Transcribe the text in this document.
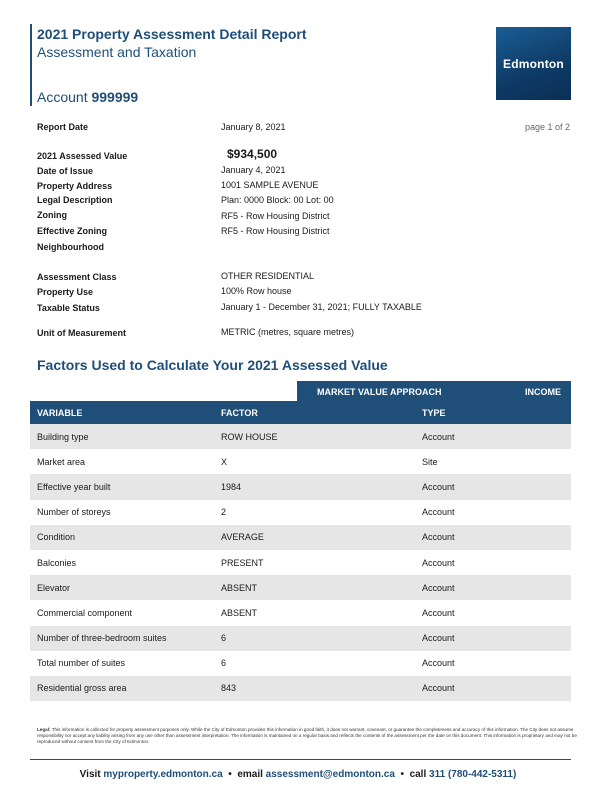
2021 Property Assessment Detail Report
Assessment and Taxation
Account 999999
Edmonton
page 1 of 2
Report Date	January 8, 2021
2021 Assessed Value	$934,500
Date of Issue	January 4, 2021
Property Address	1001 SAMPLE AVENUE
Legal Description	Plan: 0000 Block: 00 Lot: 00
Zoning	RF5 - Row Housing District
Effective Zoning	RF5 - Row Housing District
Neighbourhood
Assessment Class	OTHER RESIDENTIAL
Property Use	100% Row house
Taxable Status	January 1 - December 31, 2021; FULLY TAXABLE
Unit of Measurement	METRIC (metres, square metres)
Factors Used to Calculate Your 2021 Assessed Value
MARKET VALUE APPROACH	INCOME
VARIABLE	FACTOR	TYPE
Building type	ROW HOUSE	Account
Market area	X	Site
Effective year built	1984	Account
Number of storeys	2	Account
Condition	AVERAGE	Account
Balconies	PRESENT	Account
Elevator	ABSENT	Account
Commercial component	ABSENT	Account
Number of three-bedroom suites	6	Account
Total number of suites	6	Account
Residential gross area	843	Account
Legal: This information is collected for property assessment purposes only. While the City of Edmonton provides this information in good faith, it does not warrant, covenant, or guarantee the completeness and accuracy of this information. The City does not assume responsibility nor accept any liability arising from any use other than assessment interpretation. The information is maintained on a regular basis and reflects the contents of the assessment per the date on this document. This information is proprietary and may not be reproduced without consent from the City of Edmonton.
Visit myproperty.edmonton.ca • email assessment@edmonton.ca • call 311 (780-442-5311)
